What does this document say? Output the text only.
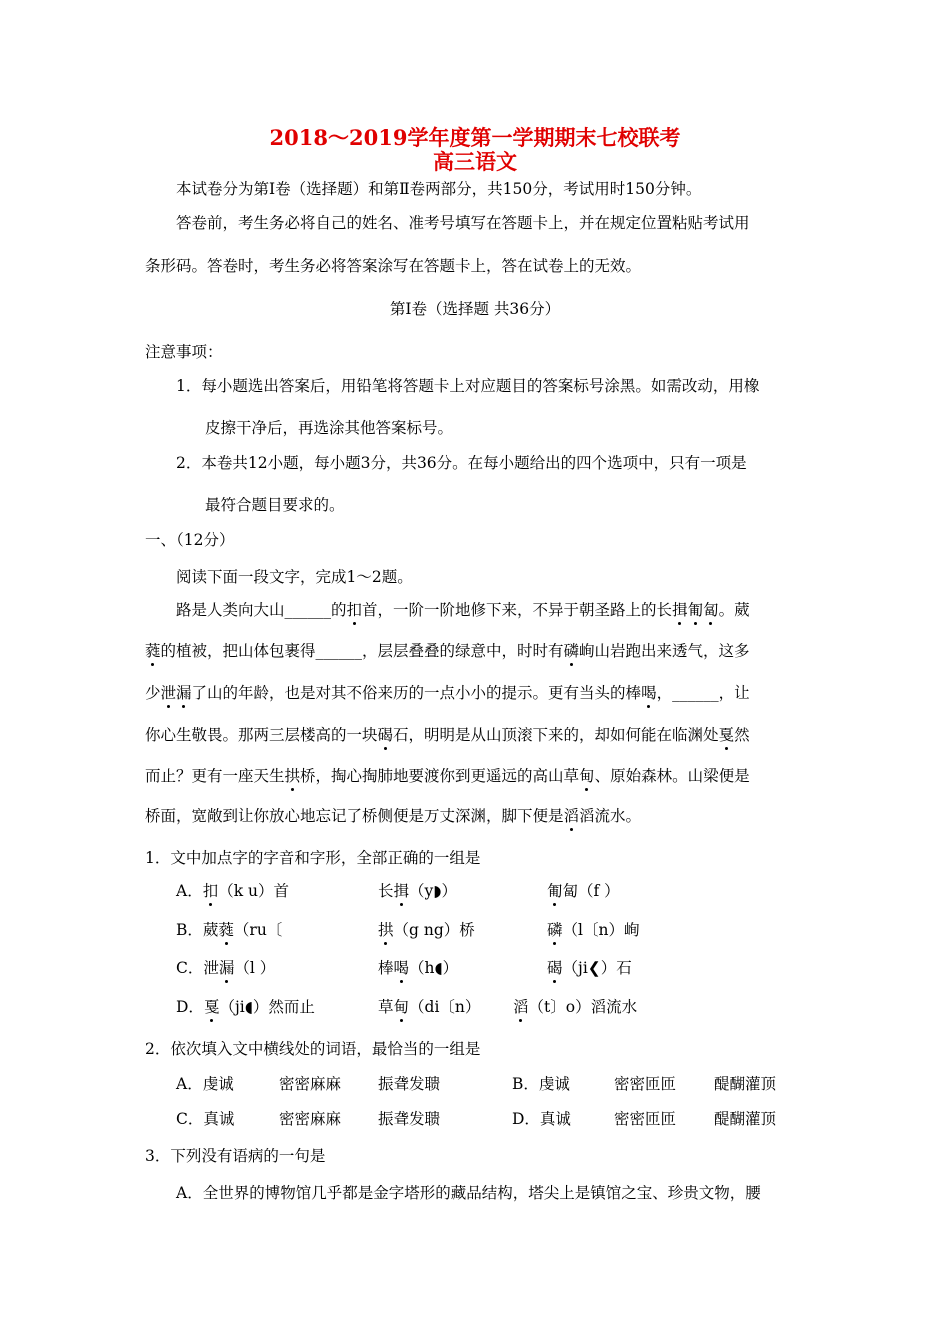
2018～2019学年度第一学期期末七校联考
高三语文
本试卷分为第Ⅰ卷（选择题）和第Ⅱ卷两部分，共150分，考试用时150分钟。
答卷前，考生务必将自己的姓名、准考号填写在答题卡上，并在规定位置粘贴考试用
条形码。答卷时，考生务必将答案涂写在答题卡上，答在试卷上的无效。
第Ⅰ卷（选择题 共36分）
注意事项：
1．每小题选出答案后，用铅笔将答题卡上对应题目的答案标号涂黑。如需改动，用橡
皮擦干净后，再选涂其他答案标号。
2．本卷共12小题，每小题3分，共36分。在每小题给出的四个选项中，只有一项是
最符合题目要求的。
一、（12分）
阅读下面一段文字，完成1～2题。
路是人类向大山______的扣首，一阶一阶地修下来，不异于朝圣路上的长揖匍匐。葳
蕤的植被，把山体包裹得______，层层叠叠的绿意中，时时有磷峋山岩跑出来透气，这多
少泄漏了山的年龄，也是对其不俗来历的一点小小的提示。更有当头的棒喝，______，让
你心生敬畏。那两三层楼高的一块碣石，明明是从山顶滚下来的，却如何能在临渊处戛然
而止？更有一座天生拱桥，掏心掏肺地要渡你到更遥远的高山草甸、原始森林。山梁便是
桥面，宽敞到让你放心地忘记了桥侧便是万丈深渊，脚下便是滔滔流水。
1．文中加点字的字音和字形，全部正确的一组是
A．扣（k u）首	长揖（y◗）	匍匐（f ）
B．葳蕤（ru〔	拱（g ng）桥	磷（l〔n）峋
C．泄漏（l ）	棒喝（h◖）	碣（ji❮）石
D．戛（ji◖）然而止	草甸（di〔n） 滔（t〕o）滔流水
2．依次填入文中横线处的词语，最恰当的一组是
A．虔诚	密密麻麻 振聋发聩	B．虔诚	密密匝匝 醍醐灌顶
C．真诚	密密麻麻 振聋发聩	D．真诚	密密匝匝 醍醐灌顶
3．下列没有语病的一句是
A．全世界的博物馆几乎都是金字塔形的藏品结构，塔尖上是镇馆之宝、珍贵文物，腰
